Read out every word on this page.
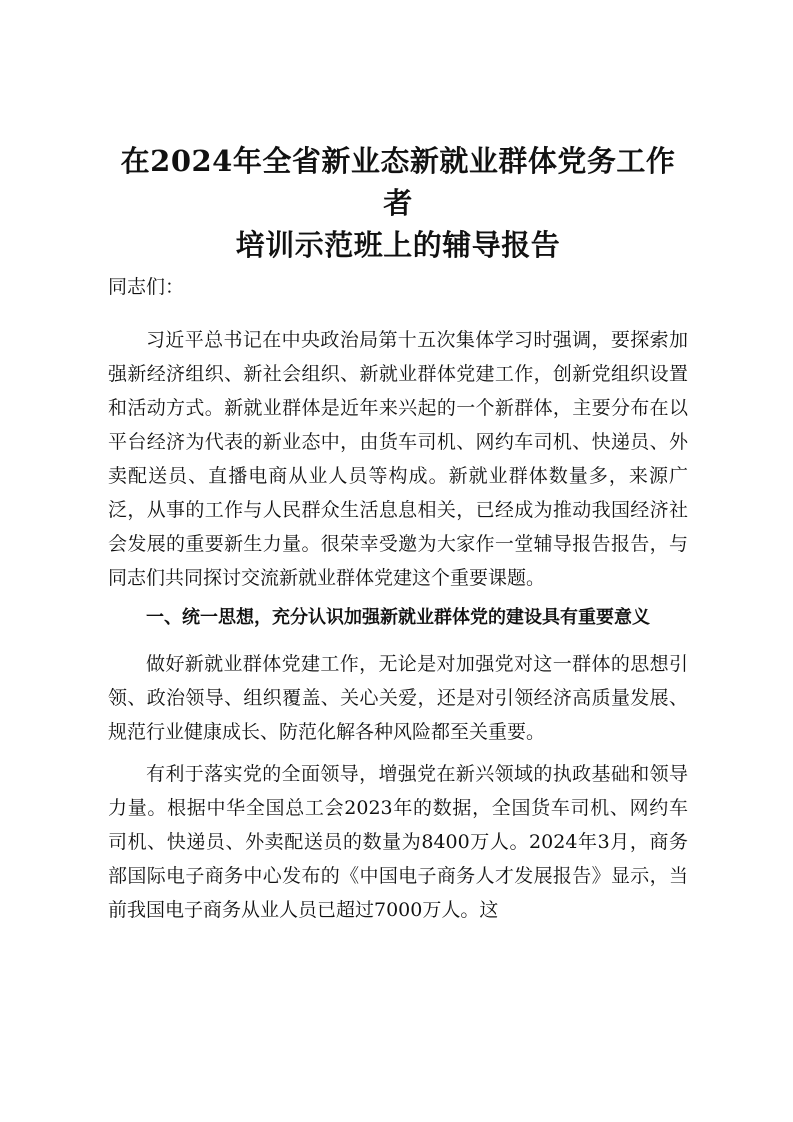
在2024年全省新业态新就业群体党务工作者
培训示范班上的辅导报告

同志们：

习近平总书记在中央政治局第十五次集体学习时强调，要探索加强新经济组织、新社会组织、新就业群体党建工作，创新党组织设置和活动方式。新就业群体是近年来兴起的一个新群体，主要分布在以平台经济为代表的新业态中，由货车司机、网约车司机、快递员、外卖配送员、直播电商从业人员等构成。新就业群体数量多，来源广泛，从事的工作与人民群众生活息息相关，已经成为推动我国经济社会发展的重要新生力量。很荣幸受邀为大家作一堂辅导报告报告，与同志们共同探讨交流新就业群体党建这个重要课题。

一、统一思想，充分认识加强新就业群体党的建设具有重要意义

做好新就业群体党建工作，无论是对加强党对这一群体的思想引领、政治领导、组织覆盖、关心关爱，还是对引领经济高质量发展、规范行业健康成长、防范化解各种风险都至关重要。

有利于落实党的全面领导，增强党在新兴领域的执政基础和领导力量。根据中华全国总工会2023年的数据，全国货车司机、网约车司机、快递员、外卖配送员的数量为8400万人。2024年3月，商务部国际电子商务中心发布的《中国电子商务人才发展报告》显示，当前我国电子商务从业人员已超过7000万人。这
